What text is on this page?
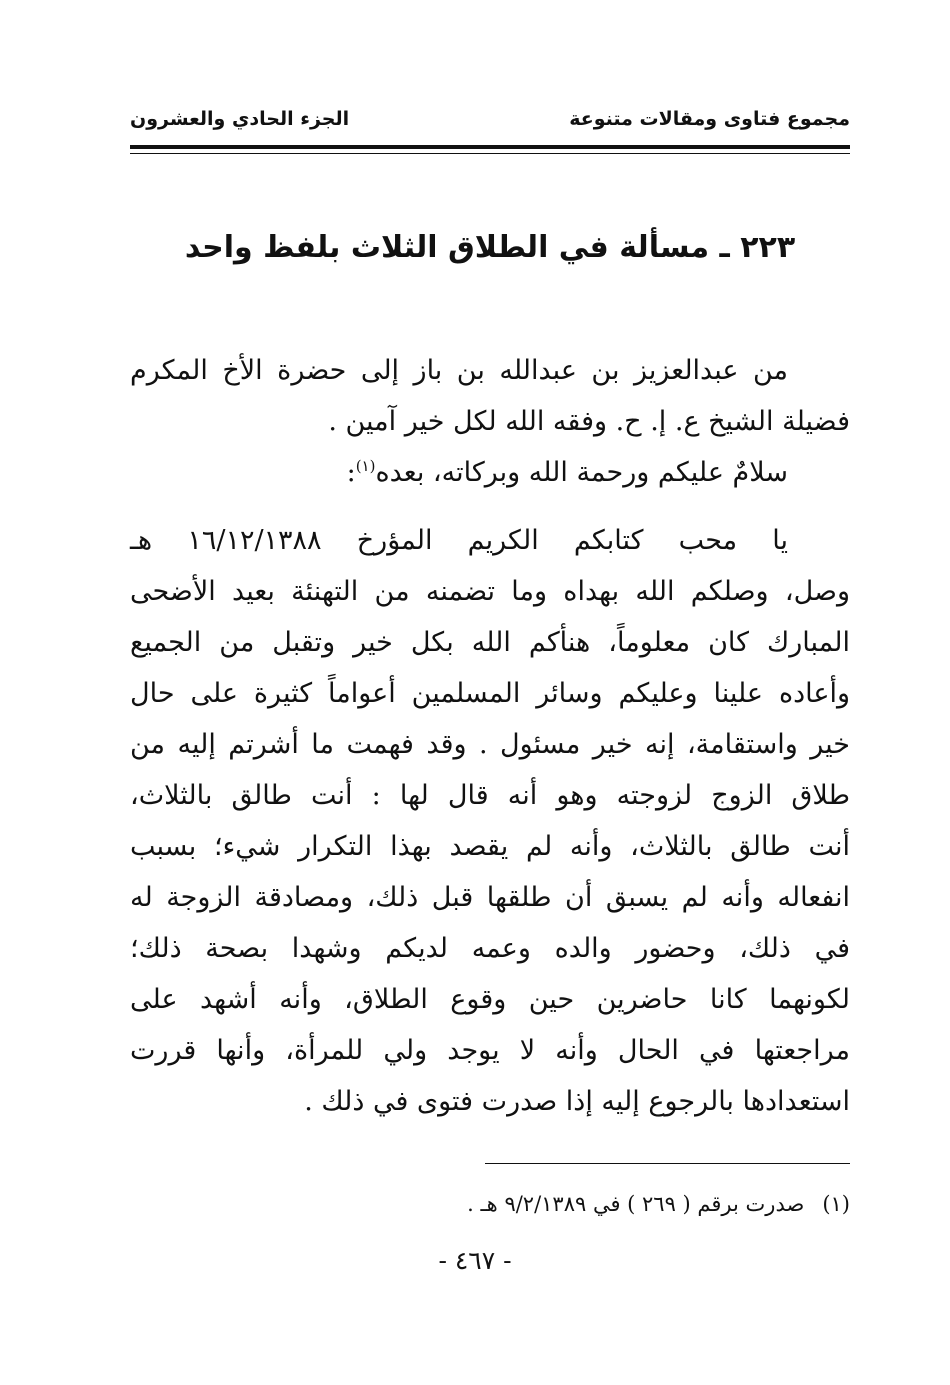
مجموع فتاوى ومقالات متنوعة
الجزء الحادي والعشرون
٢٢٣ ـ مسألة في الطلاق الثلاث بلفظ واحد
من عبدالعزيز بن عبدالله بن باز إلى حضرة الأخ المكرم
فضيلة الشيخ ع. إ. ح. وفقه الله لكل خير آمين .
سلامٌ عليكم ورحمة الله وبركاته، بعده$^{(١)}$:
يا محب كتابكم الكريم المؤرخ ١٦/١٢/١٣٨٨ هـ
وصل، وصلكم الله بهداه وما تضمنه من التهنئة بعيد الأضحى
المبارك كان معلوماً، هنأكم الله بكل خير وتقبل من الجميع
وأعاده علينا وعليكم وسائر المسلمين أعواماً كثيرة على حال
خير واستقامة، إنه خير مسئول . وقد فهمت ما أشرتم إليه من
طلاق الزوج لزوجته وهو أنه قال لها : أنت طالق بالثلاث،
أنت طالق بالثلاث، وأنه لم يقصد بهذا التكرار شيء؛ بسبب
انفعاله وأنه لم يسبق أن طلقها قبل ذلك، ومصادقة الزوجة له
في ذلك، وحضور والده وعمه لديكم وشهدا بصحة ذلك؛
لكونهما كانا حاضرين حين وقوع الطلاق، وأنه أشهد على
مراجعتها في الحال وأنه لا يوجد ولي للمرأة، وأنها قررت
استعدادها بالرجوع إليه إذا صدرت فتوى في ذلك .
(١)صدرت برقم ( ٢٦٩ ) في ٩/٢/١٣٨٩ هـ .
- ٤٦٧ -
